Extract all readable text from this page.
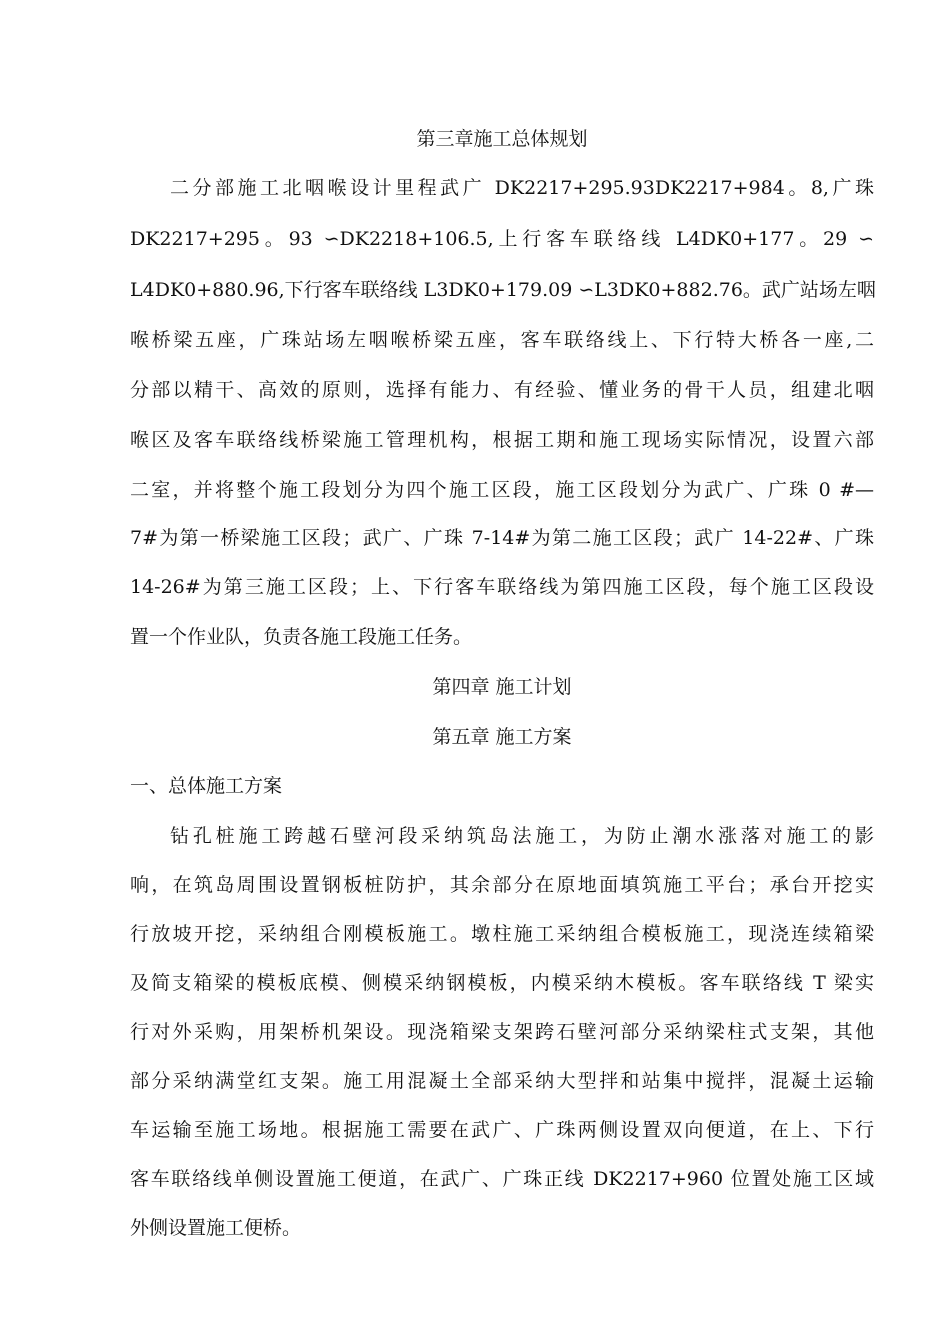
第三章施工总体规划
二分部施工北咽喉设计里程武广 DK2217+295.93DK2217+984。8,广珠
DK2217+295。93 ∽DK2218+106.5,上行客车联络线 L4DK0+177。29 ∽
L4DK0+880.96,下行客车联络线 L3DK0+179.09 ∽L3DK0+882.76。武广站场左咽
喉桥梁五座，广珠站场左咽喉桥梁五座，客车联络线上、下行特大桥各一座,二
分部以精干、高效的原则，选择有能力、有经验、懂业务的骨干人员，组建北咽
喉区及客车联络线桥梁施工管理机构，根据工期和施工现场实际情况，设置六部
二室，并将整个施工段划分为四个施工区段，施工区段划分为武广、广珠 0 #—
7#为第一桥梁施工区段；武广、广珠 7-14#为第二施工区段；武广 14-22#、广珠
14-26#为第三施工区段；上、下行客车联络线为第四施工区段，每个施工区段设
置一个作业队，负责各施工段施工任务。
第四章 施工计划
第五章 施工方案
一、总体施工方案
钻孔桩施工跨越石壁河段采纳筑岛法施工，为防止潮水涨落对施工的影
响，在筑岛周围设置钢板桩防护，其余部分在原地面填筑施工平台；承台开挖实
行放坡开挖，采纳组合刚模板施工。墩柱施工采纳组合模板施工，现浇连续箱梁
及简支箱梁的模板底模、侧模采纳钢模板，内模采纳木模板。客车联络线 T 梁实
行对外采购，用架桥机架设。现浇箱梁支架跨石壁河部分采纳梁柱式支架，其他
部分采纳满堂红支架。施工用混凝土全部采纳大型拌和站集中搅拌，混凝土运输
车运输至施工场地。根据施工需要在武广、广珠两侧设置双向便道，在上、下行
客车联络线单侧设置施工便道，在武广、广珠正线 DK2217+960 位置处施工区域
外侧设置施工便桥。
